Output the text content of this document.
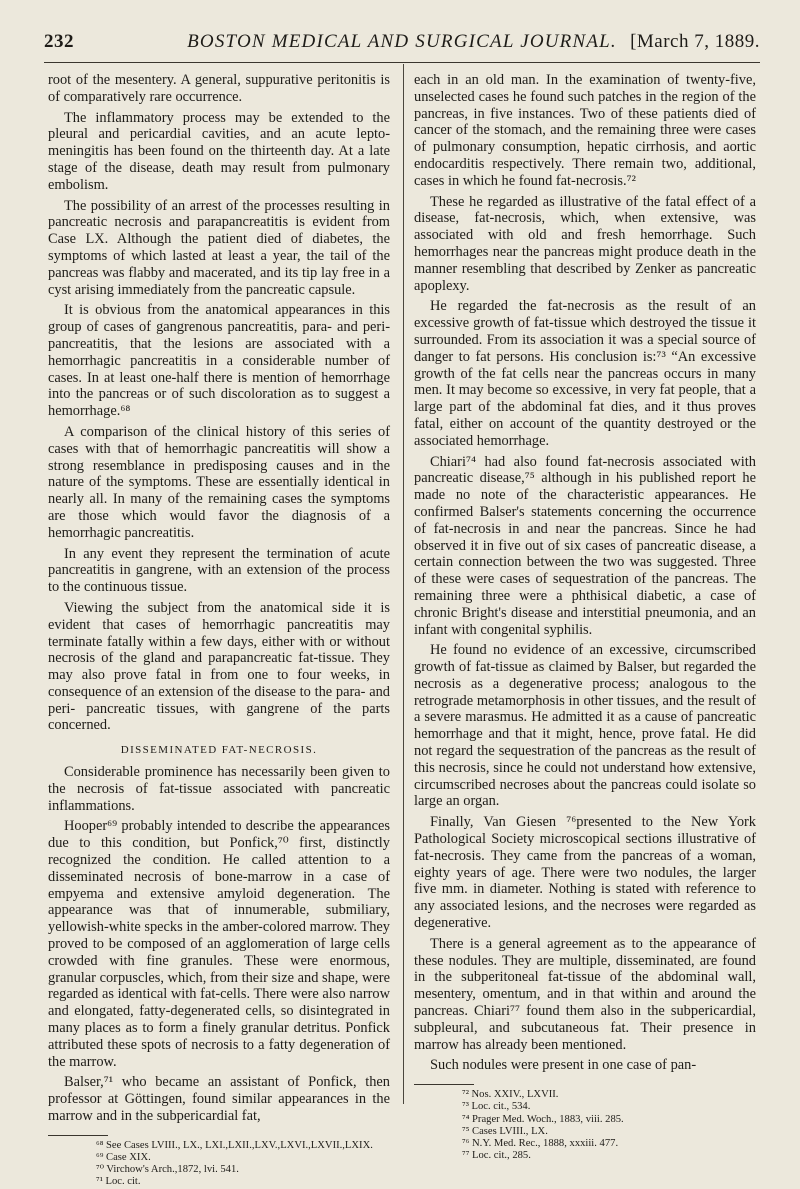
232	BOSTON MEDICAL AND SURGICAL JOURNAL. [March 7, 1889.

root of the mesentery. A general, suppurative peritonitis is of comparatively rare occurrence.

The inflammatory process may be extended to the pleural and pericardial cavities, and an acute lepto-meningitis has been found on the thirteenth day. At a late stage of the disease, death may result from pulmonary embolism.

The possibility of an arrest of the processes resulting in pancreatic necrosis and parapancreatitis is evident from Case LX. Although the patient died of diabetes, the symptoms of which lasted at least a year, the tail of the pancreas was flabby and macerated, and its tip lay free in a cyst arising immediately from the pancreatic capsule.

It is obvious from the anatomical appearances in this group of cases of gangrenous pancreatitis, para- and peri- pancreatitis, that the lesions are associated with a hemorrhagic pancreatitis in a considerable number of cases. In at least one-half there is mention of hemorrhage into the pancreas or of such discoloration as to suggest a hemorrhage.⁶⁸

A comparison of the clinical history of this series of cases with that of hemorrhagic pancreatitis will show a strong resemblance in predisposing causes and in the nature of the symptoms. These are essentially identical in nearly all. In many of the remaining cases the symptoms are those which would favor the diagnosis of a hemorrhagic pancreatitis.

In any event they represent the termination of acute pancreatitis in gangrene, with an extension of the process to the continuous tissue.

Viewing the subject from the anatomical side it is evident that cases of hemorrhagic pancreatitis may terminate fatally within a few days, either with or without necrosis of the gland and parapancreatic fat-tissue. They may also prove fatal in from one to four weeks, in consequence of an extension of the disease to the para- and peri- pancreatic tissues, with gangrene of the parts concerned.

DISSEMINATED FAT-NECROSIS.

Considerable prominence has necessarily been given to the necrosis of fat-tissue associated with pancreatic inflammations.

Hooper⁶⁹ probably intended to describe the appearances due to this condition, but Ponfick,⁷⁰ first, distinctly recognized the condition. He called attention to a disseminated necrosis of bone-marrow in a case of empyema and extensive amyloid degeneration. The appearance was that of innumerable, submiliary, yellowish-white specks in the amber-colored marrow. They proved to be composed of an agglomeration of large cells crowded with fine granules. These were enormous, granular corpuscles, which, from their size and shape, were regarded as identical with fat-cells. There were also narrow and elongated, fatty-degenerated cells, so disintegrated in many places as to form a finely granular detritus. Ponfick attributed these spots of necrosis to a fatty degeneration of the marrow.

Balser,⁷¹ who became an assistant of Ponfick, then professor at Göttingen, found similar appearances in the marrow and in the subpericardial fat,

⁶⁸ See Cases LVIII., LX., LXI.,LXII.,LXV.,LXVI.,LXVII.,LXIX.

⁶⁹ Case XIX.

⁷⁰ Virchow's Arch.,1872, lvi. 541.

⁷¹ Loc. cit.

each in an old man. In the examination of twenty-five, unselected cases he found such patches in the region of the pancreas, in five instances. Two of these patients died of cancer of the stomach, and the remaining three were cases of pulmonary consumption, hepatic cirrhosis, and aortic endocarditis respectively. There remain two, additional, cases in which he found fat-necrosis.⁷²

These he regarded as illustrative of the fatal effect of a disease, fat-necrosis, which, when extensive, was associated with old and fresh hemorrhage. Such hemorrhages near the pancreas might produce death in the manner resembling that described by Zenker as pancreatic apoplexy.

He regarded the fat-necrosis as the result of an excessive growth of fat-tissue which destroyed the tissue it surrounded. From its association it was a special source of danger to fat persons. His conclusion is:⁷³ “An excessive growth of the fat cells near the pancreas occurs in many men. It may become so excessive, in very fat people, that a large part of the abdominal fat dies, and it thus proves fatal, either on account of the quantity destroyed or the associated hemorrhage.

Chiari⁷⁴ had also found fat-necrosis associated with pancreatic disease,⁷⁵ although in his published report he made no note of the characteristic appearances. He confirmed Balser's statements concerning the occurrence of fat-necrosis in and near the pancreas. Since he had observed it in five out of six cases of pancreatic disease, a certain connection between the two was suggested. Three of these were cases of sequestration of the pancreas. The remaining three were a phthisical diabetic, a case of chronic Bright's disease and interstitial pneumonia, and an infant with congenital syphilis.

He found no evidence of an excessive, circumscribed growth of fat-tissue as claimed by Balser, but regarded the necrosis as a degenerative process; analogous to the retrograde metamorphosis in other tissues, and the result of a severe marasmus. He admitted it as a cause of pancreatic hemorrhage and that it might, hence, prove fatal. He did not regard the sequestration of the pancreas as the result of this necrosis, since he could not understand how extensive, circumscribed necroses about the pancreas could isolate so large an organ.

Finally, Van Giesen ⁷⁶presented to the New York Pathological Society microscopical sections illustrative of fat-necrosis. They came from the pancreas of a woman, eighty years of age. There were two nodules, the larger five mm. in diameter. Nothing is stated with reference to any associated lesions, and the necroses were regarded as degenerative.

There is a general agreement as to the appearance of these nodules. They are multiple, disseminated, are found in the subperitoneal fat-tissue of the abdominal wall, mesentery, omentum, and in that within and around the pancreas. Chiari⁷⁷ found them also in the subpericardial, subpleural, and subcutaneous fat. Their presence in marrow has already been mentioned.

Such nodules were present in one case of pan-

⁷² Nos. XXIV., LXVII.

⁷³ Loc. cit., 534.

⁷⁴ Prager Med. Woch., 1883, viii. 285.

⁷⁵ Cases LVIII., LX.

⁷⁶ N.Y. Med. Rec., 1888, xxxiii. 477.

⁷⁷ Loc. cit., 285.
